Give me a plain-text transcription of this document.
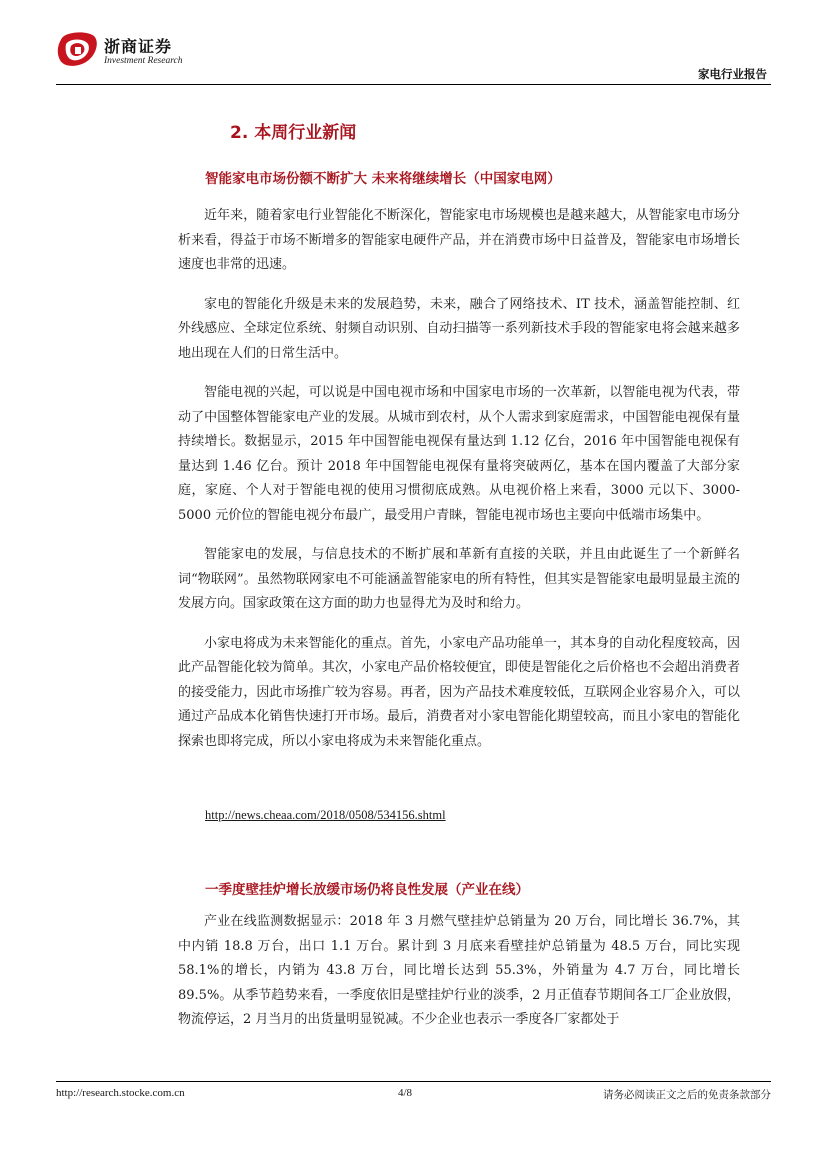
浙商证券
Investment Research
家电行业报告
2. 本周行业新闻
智能家电市场份额不断扩大 未来将继续增长（中国家电网）

近年来，随着家电行业智能化不断深化，智能家电市场规模也是越来越大，从智能家电市场分析来看，得益于市场不断增多的智能家电硬件产品，并在消费市场中日益普及，智能家电市场增长速度也非常的迅速。

家电的智能化升级是未来的发展趋势，未来，融合了网络技术、IT 技术，涵盖智能控制、红外线感应、全球定位系统、射频自动识别、自动扫描等一系列新技术手段的智能家电将会越来越多地出现在人们的日常生活中。

智能电视的兴起，可以说是中国电视市场和中国家电市场的一次革新，以智能电视为代表，带动了中国整体智能家电产业的发展。从城市到农村，从个人需求到家庭需求，中国智能电视保有量持续增长。数据显示，2015 年中国智能电视保有量达到 1.12 亿台，2016 年中国智能电视保有量达到 1.46 亿台。预计 2018 年中国智能电视保有量将突破两亿，基本在国内覆盖了大部分家庭，家庭、个人对于智能电视的使用习惯彻底成熟。从电视价格上来看，3000 元以下、3000-5000 元价位的智能电视分布最广，最受用户青睐，智能电视市场也主要向中低端市场集中。

智能家电的发展，与信息技术的不断扩展和革新有直接的关联，并且由此诞生了一个新鲜名词“物联网”。虽然物联网家电不可能涵盖智能家电的所有特性，但其实是智能家电最明显最主流的发展方向。国家政策在这方面的助力也显得尤为及时和给力。

小家电将成为未来智能化的重点。首先，小家电产品功能单一，其本身的自动化程度较高，因此产品智能化较为简单。其次，小家电产品价格较便宜，即使是智能化之后价格也不会超出消费者的接受能力，因此市场推广较为容易。再者，因为产品技术难度较低，互联网企业容易介入，可以通过产品成本化销售快速打开市场。最后，消费者对小家电智能化期望较高，而且小家电的智能化探索也即将完成，所以小家电将成为未来智能化重点。

http://news.cheaa.com/2018/0508/534156.shtml
一季度壁挂炉增长放缓市场仍将良性发展（产业在线）

产业在线监测数据显示：2018 年 3 月燃气壁挂炉总销量为 20 万台，同比增长 36.7%，其中内销 18.8 万台，出口 1.1 万台。累计到 3 月底来看壁挂炉总销量为 48.5 万台，同比实现 58.1%的增长，内销为 43.8 万台，同比增长达到 55.3%，外销量为 4.7 万台，同比增长 89.5%。从季节趋势来看，一季度依旧是壁挂炉行业的淡季，2 月正值春节期间各工厂企业放假，物流停运，2 月当月的出货量明显锐减。不少企业也表示一季度各厂家都处于

http://research.stocke.com.cn	4/8	请务必阅读正文之后的免责条款部分
